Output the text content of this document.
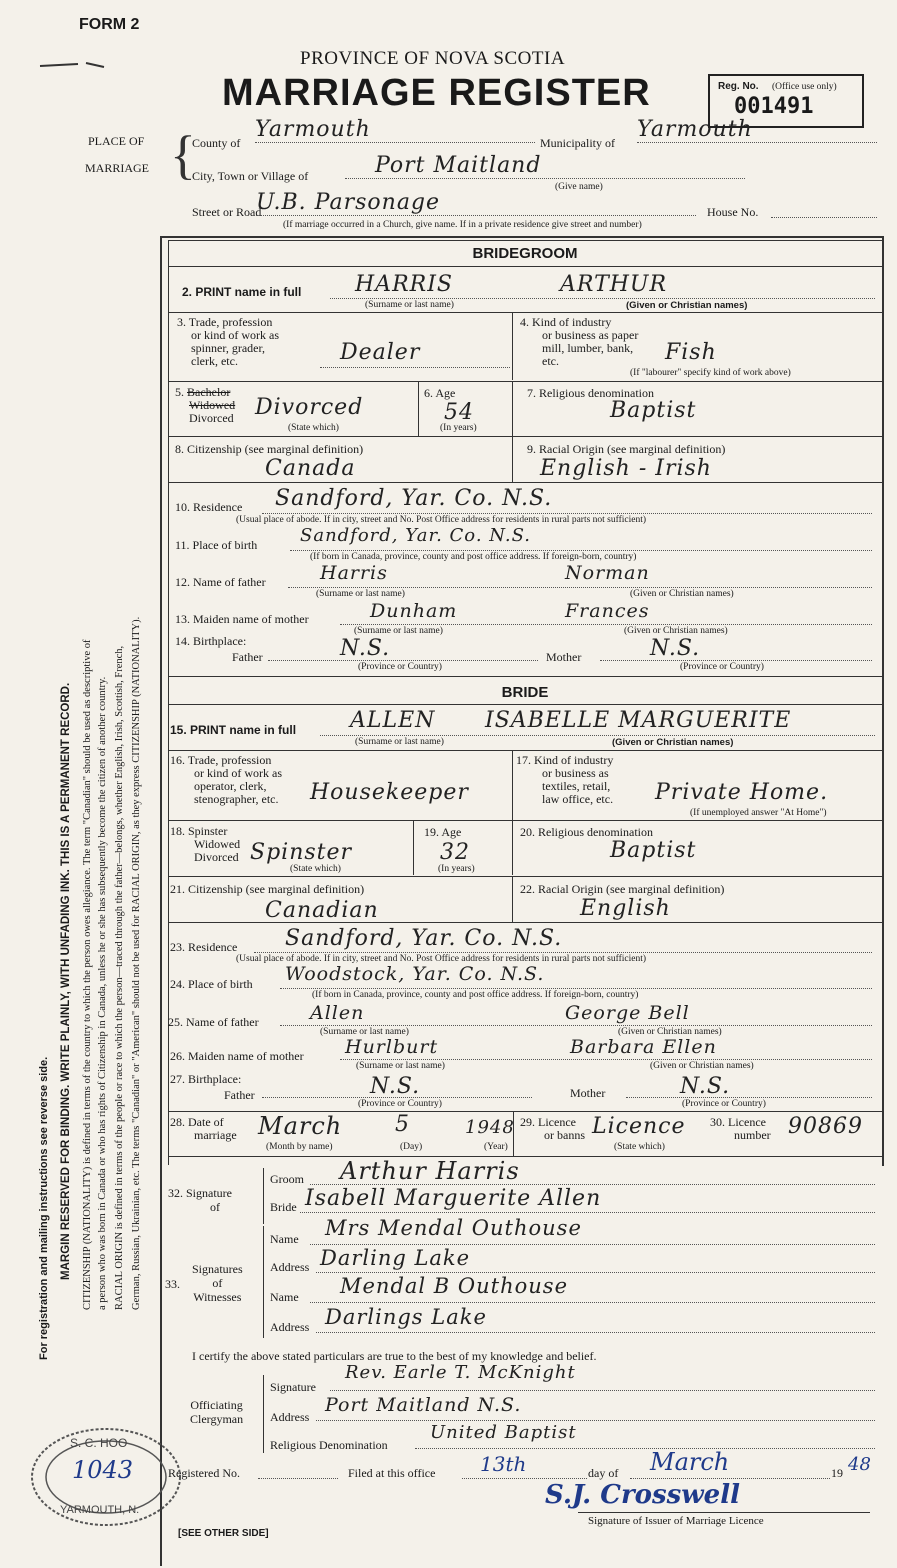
FORM 2
PROVINCE OF NOVA SCOTIA
MARRIAGE REGISTER	Reg. No. (Office use only)
001491
PLACE OF
MARRIAGE {
County of
Yarmouth
Municipality of
Yarmouth
City, Town or Village of	Port Maitland
(Give name)
Street or Road
U.B. Parsonage	House No.
(If marriage occurred in a Church, give name. If in a private residence give street and number)
For registration and mailing instructions see reverse side. MARGIN RESERVED FOR BINDING. WRITE PLAINLY, WITH UNFADING INK. THIS IS A PERMANENT RECORD. CITIZENSHIP (NATIONALITY) is defined in terms of the country to which the person owes allegiance. The term "Canadian" should be used as descriptive of a person who was born in Canada or who has rights of Citizenship in Canada, unless he or she has subsequently become the citizen of another country. RACIAL ORIGIN is defined in terms of the people or race to which the person—traced through the father—belongs, whether English, Irish, Scottish, French, German, Russian, Ukrainian, etc. The terms "Canadian" or "American" should not be used for RACIAL ORIGIN, as they express CITIZENSHIP (NATIONALITY).
BRIDEGROOM
2. PRINT name in full HARRIS	ARTHUR
(Surname or last name)	(Given or Christian names)
3. Trade, profession
or kind of work as
spinner, grader,
clerk, etc.	Dealer
4. Kind of industry
or business as paper
mill, lumber, bank,
etc.	Fish
(If "labourer" specify kind of work above)
5. Bachelor
Widowed
Divorced Divorced
(State which)
6. Age
54
(In years)
7. Religious denomination
Baptist
8. Citizenship (see marginal definition)
Canada
9. Racial Origin (see marginal definition)
English - Irish
10. Residence Sandford, Yar. Co. N.S.
(Usual place of abode. If in city, street and No. Post Office address for residents in rural parts not sufficient)
11. Place of birth Sandford, Yar. Co. N.S.
(If born in Canada, province, county and post office address. If foreign-born, country)
12. Name of father	Harris	Norman
(Surname or last name)	(Given or Christian names)
13. Maiden name of mother	Dunham	Frances
(Surname or last name)	(Given or Christian names)
14. Birthplace:
Father	N.S.
(Province or Country)
Mother	N.S.
(Province or Country)
BRIDE
15. PRINT name in full ALLEN ISABELLE MARGUERITE
(Surname or last name)	(Given or Christian names)
16. Trade, profession
or kind of work as
operator, clerk,
stenographer, etc. Housekeeper
17. Kind of industry
or business as
textiles, retail,
law office, etc. Private Home.
(If unemployed answer "At Home")
18. Spinster
Widowed
Divorced Spinster
(State which)
19. Age
32
(In years)
20. Religious denomination
Baptist
21. Citizenship (see marginal definition)
Canadian
22. Racial Origin (see marginal definition)
English
23. Residence Sandford, Yar. Co. N.S.
(Usual place of abode. If in city, street and No. Post Office address for residents in rural parts not sufficient)
24. Place of birth Woodstock, Yar. Co. N.S.
(If born in Canada, province, county and post office address. If foreign-born, country)
25. Name of father	Allen	George Bell
(Surname or last name)	(Given or Christian names)
26. Maiden name of mother Hurlburt	Barbara Ellen
(Surname or last name)	(Given or Christian names)
27. Birthplace:
Father	N.S.
(Province or Country)
Mother	N.S.
(Province or Country)
28. Date of
marriage March 5	1948
(Month by name)	(Day)	(Year)
29. Licence
or banns Licence
(State which)
30. Licence
number 90869
32. Signature
of
Groom Arthur Harris
Bride Isabell Marguerite Allen
33.
Signatures
of
Witnesses
Name Mrs Mendal Outhouse
Address Darling Lake
Name Mendal B Outhouse
Address Darlings Lake
I certify the above stated particulars are true to the best of my knowledge and belief.
Officiating
Clergyman
Signature
Rev. Earle T. McKnight
Address
Port Maitland N.S.
Religious Denomination
United Baptist
Registered No.	Filed at this office 13th	day of March	19 48
S.J. Crosswell
Signature of Issuer of Marriage Licence
[SEE OTHER SIDE]
S. C. HOO
1043
YARMOUTH, N.
